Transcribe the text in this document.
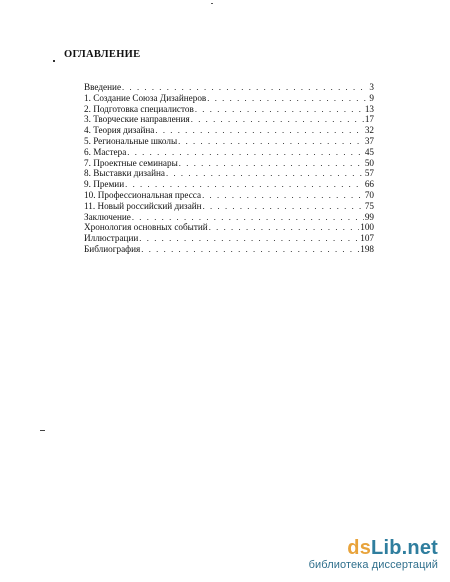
ОГЛАВЛЕНИЕ
Введение . . .	3
1. Создание Союза Дизайнеров . . .	9
2. Подготовка специалистов . . .	13
3. Творческие направления . . .	17
4. Теория дизайна . . .	32
5. Региональные школы . . .	37
6. Мастера . . .	45
7. Проектные семинары . . .	50
8. Выставки дизайна . . .	57
9. Премии . . .	66
10. Профессиональная пресса . . .	70
11. Новый российский дизайн . . .	75
Заключение . . .	99
Хронология основных событий . . .	100
Иллюстрации . . .	107
Библиография . . .	198
dsLib.net
библиотека диссертаций
